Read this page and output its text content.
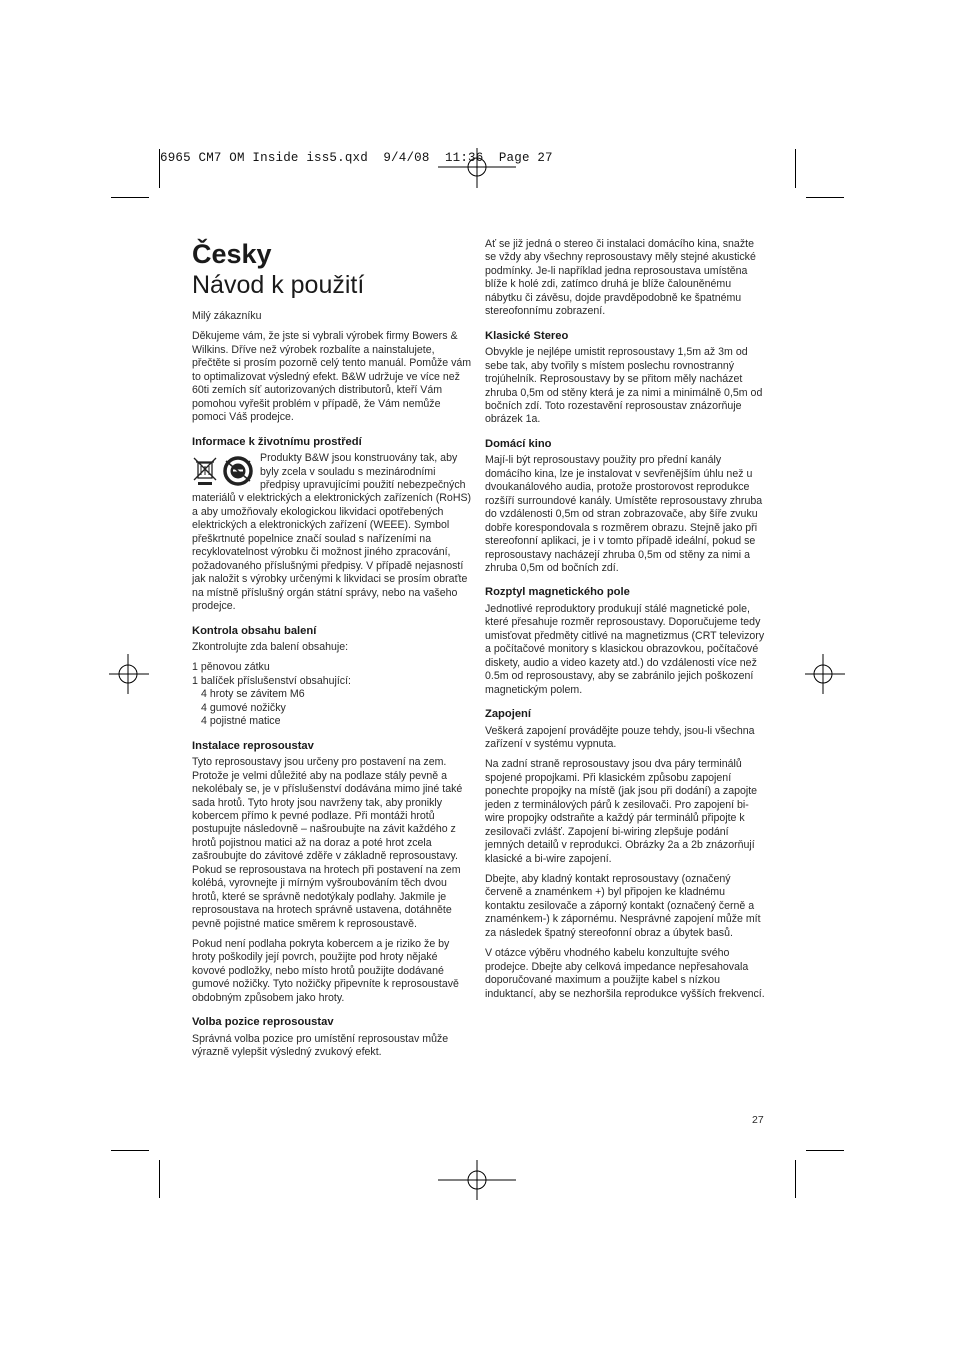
6965 CM7 OM Inside iss5.qxd  9/4/08  11:36  Page 27
Česky
Návod k použití

Milý zákazníku

Děkujeme vám, že jste si vybrali výrobek firmy Bowers & Wilkins. Dříve než výrobek rozbalíte a nainstalujete, přečtěte si prosím pozorně celý tento manuál. Pomůže vám to optimalizovat výsledný efekt. B&W udržuje ve více než 60ti zemích síť autorizovaných distributorů, kteří Vám pomohou vyřešit problém v případě, že Vám nemůže pomoci Váš prodejce.

Informace k životnímu prostředí

Produkty B&W jsou konstruovány tak, aby byly zcela v souladu s mezinárodními předpisy upravujícími použití nebezpečných materiálů v elektrických a elektronických zařízeních (RoHS) a aby umožňovaly ekologickou likvidaci opotřebených elektrických a elektronických zařízení (WEEE). Symbol přeškrtnuté popelnice značí soulad s nařízeními na recyklovatelnost výrobku či možnost jiného zpracování, požadovaného příslušnými předpisy. V případě nejasností jak naložit s výrobky určenými k likvidaci se prosím obraťte na místně příslušný orgán státní správy, nebo na vašeho prodejce.

Kontrola obsahu balení

Zkontrolujte zda balení obsahuje:

1 pěnovou zátku

1 balíček příslušenství obsahující:

4 hroty se závitem M6

4 gumové nožičky

4 pojistné matice

Instalace reprosoustav

Tyto reprosoustavy jsou určeny pro postavení na zem. Protože je velmi důležité aby na podlaze stály pevně a nekolébaly se, je v příslušenství dodávána mimo jiné také sada hrotů. Tyto hroty jsou navrženy tak, aby pronikly kobercem přímo k pevné podlaze. Při montáži hrotů postupujte následovně – našroubujte na závit každého z hrotů pojistnou matici až na doraz a poté hrot zcela zašroubujte do závitové zděře v základně reprosoustavy. Pokud se reprosoustava na hrotech při postavení na zem kolébá, vyrovnejte ji mírným vyšroubováním těch dvou hrotů, které se správně nedotýkaly podlahy. Jakmile je reprosoustava na hrotech správně ustavena, dotáhněte pevně pojistné matice směrem k reprosoustavě.

Pokud není podlaha pokryta kobercem a je riziko že by hroty poškodily její povrch, použijte pod hroty nějaké kovové podložky, nebo místo hrotů použijte dodávané gumové nožičky. Tyto nožičky připevníte k reprosoustavě obdobným způsobem jako hroty.

Volba pozice reprosoustav

Správná volba pozice pro umístění reprosoustav může výrazně vylepšit výsledný zvukový efekt.

Ať se již jedná o stereo či instalaci domácího kina, snažte se vždy aby všechny reprosoustavy měly stejné akustické podmínky. Je-li například jedna reprosoustava umístěna blíže k holé zdi, zatímco druhá je blíže čalouněnému nábytku či závěsu, dojde pravděpodobně ke špatnému stereofonnímu zobrazení.

Klasické Stereo

Obvykle je nejlépe umistit reprosoustavy 1,5m až 3m od sebe tak, aby tvořily s místem poslechu rovnostranný trojúhelník. Reprosoustavy by se přitom měly nacházet zhruba 0,5m od stěny která je za nimi a minimálně 0,5m od bočních zdí. Toto rozestavění reprosoustav znázorňuje obrázek 1a.

Domácí kino

Mají-li být reprosoustavy použity pro přední kanály domácího kina, lze je instalovat v sevřenějším úhlu než u dvoukanálového audia, protože prostorovost reprodukce rozšíří surroundové kanály. Umístěte reprosoustavy zhruba do vzdálenosti 0,5m od stran zobrazovače, aby šíře zvuku dobře korespondovala s rozměrem obrazu. Stejně jako při stereofonní aplikaci, je i v tomto případě ideální, pokud se reprosoustavy nacházejí zhruba 0,5m od stěny za nimi a zhruba 0,5m od bočních zdí.

Rozptyl magnetického pole

Jednotlivé reproduktory produkují stálé magnetické pole, které přesahuje rozměr reprosoustavy. Doporučujeme tedy umisťovat předměty citlivé na magnetizmus (CRT televizory a počítačové monitory s klasickou obrazovkou, počítačové diskety, audio a video kazety atd.) do vzdálenosti více než 0.5m od reprosoustavy, aby se zabránilo jejich poškození magnetickým polem.

Zapojení

Veškerá zapojení provádějte pouze tehdy, jsou-li všechna zařízení v systému vypnuta.

Na zadní straně reprosoustavy jsou dva páry terminálů spojené propojkami. Při klasickém způsobu zapojení ponechte propojky na místě (jak jsou při dodání) a zapojte jeden z terminálových párů k zesilovači. Pro zapojení bi-wire propojky odstraňte a každý pár terminálů připojte k zesilovači zvlášť. Zapojení bi-wiring zlepšuje podání jemných detailů v reprodukci. Obrázky 2a a 2b znázorňují klasické a bi-wire zapojení.

Dbejte, aby kladný kontakt reprosoustavy (označený červeně a znaménkem +) byl připojen ke kladnému kontaktu zesilovače a záporný kontakt (označený černě a znaménkem-) k zápornému. Nesprávné zapojení může mít za následek špatný stereofonní obraz a úbytek basů.

V otázce výběru vhodného kabelu konzultujte svého prodejce. Dbejte aby celková impedance nepřesahovala doporučované maximum a použijte kabel s nízkou induktancí, aby se nezhoršila reprodukce vyšších frekvencí.

27
